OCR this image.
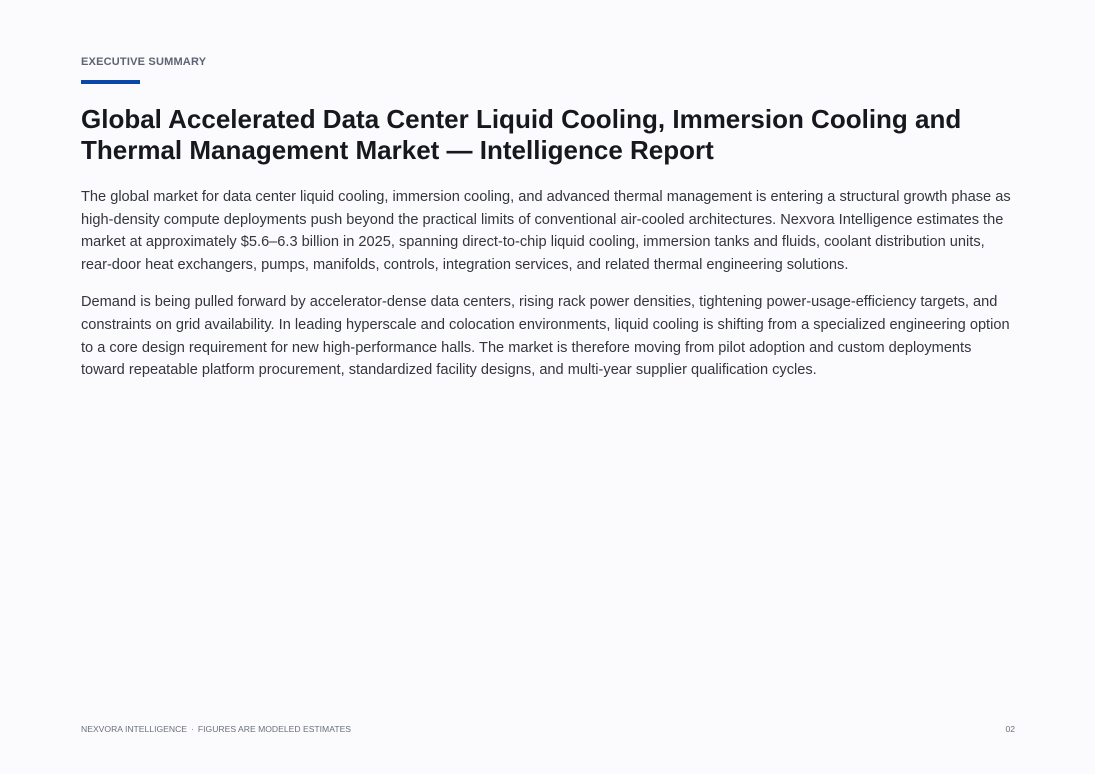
EXECUTIVE SUMMARY
Global Accelerated Data Center Liquid Cooling, Immersion Cooling and Thermal Management Market — Intelligence Report

The global market for data center liquid cooling, immersion cooling, and advanced thermal management is entering a structural growth phase as high-density compute deployments push beyond the practical limits of conventional air-cooled architectures. Nexvora Intelligence estimates the market at approximately $5.6–6.3 billion in 2025, spanning direct-to-chip liquid cooling, immersion tanks and fluids, coolant distribution units, rear-door heat exchangers, pumps, manifolds, controls, integration services, and related thermal engineering solutions.

Demand is being pulled forward by accelerator-dense data centers, rising rack power densities, tightening power-usage-efficiency targets, and constraints on grid availability. In leading hyperscale and colocation environments, liquid cooling is shifting from a specialized engineering option to a core design requirement for new high-performance halls. The market is therefore moving from pilot adoption and custom deployments toward repeatable platform procurement, standardized facility designs, and multi-year supplier qualification cycles.

NEXVORA INTELLIGENCE · FIGURES ARE MODELED ESTIMATES	02
